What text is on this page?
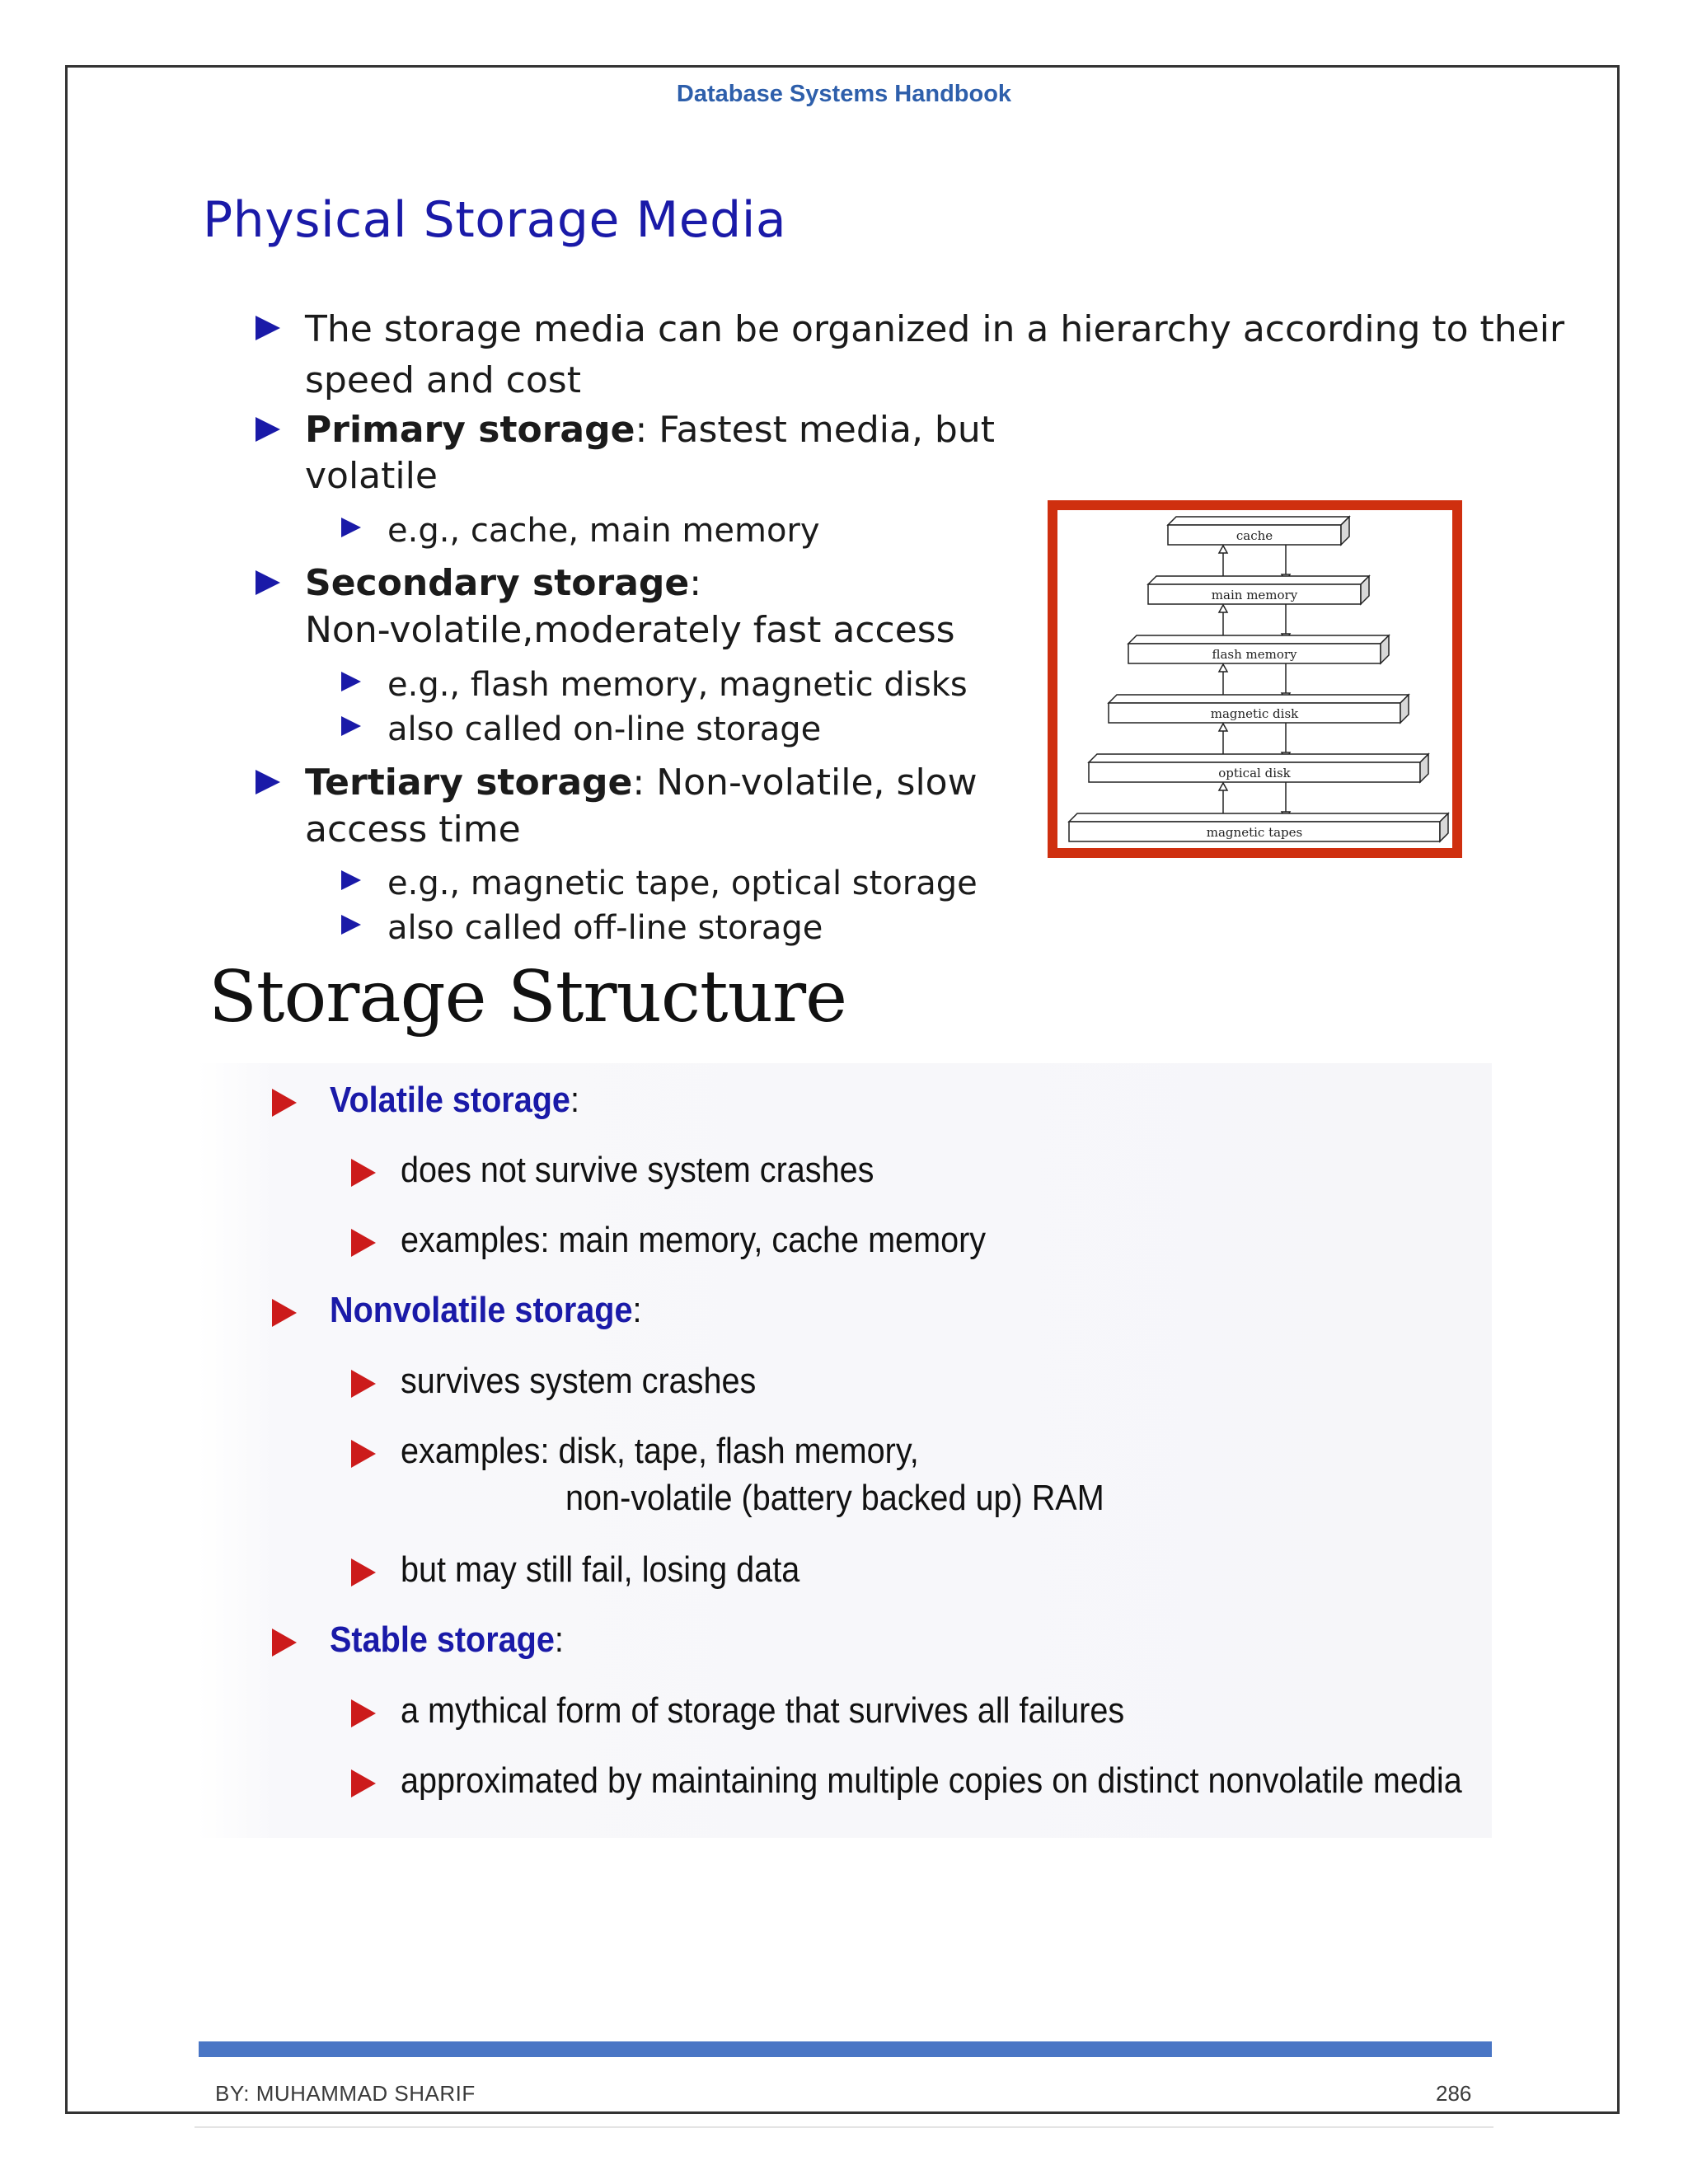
Database Systems Handbook
Physical Storage Media
The storage media can be organized in a hierarchy according to their
speed and cost
Primary storage: Fastest media, but
volatile
e.g., cache, main memory
Secondary storage:
Non-volatile,moderately fast access
e.g., flash memory, magnetic disks
also called on-line storage
Tertiary storage: Non-volatile, slow
access time
e.g., magnetic tape, optical storage
also called off-line storage
cache
main memory
flash memory
magnetic disk
optical disk
magnetic tapes
Storage Structure
Volatile storage:
does not survive system crashes
examples: main memory, cache memory
Nonvolatile storage:
survives system crashes
examples: disk, tape, flash memory,
non-volatile (battery backed up) RAM
but may still fail, losing data
Stable storage:
a mythical form of storage that survives all failures
approximated by maintaining multiple copies on distinct nonvolatile media
BY: MUHAMMAD SHARIF	286
